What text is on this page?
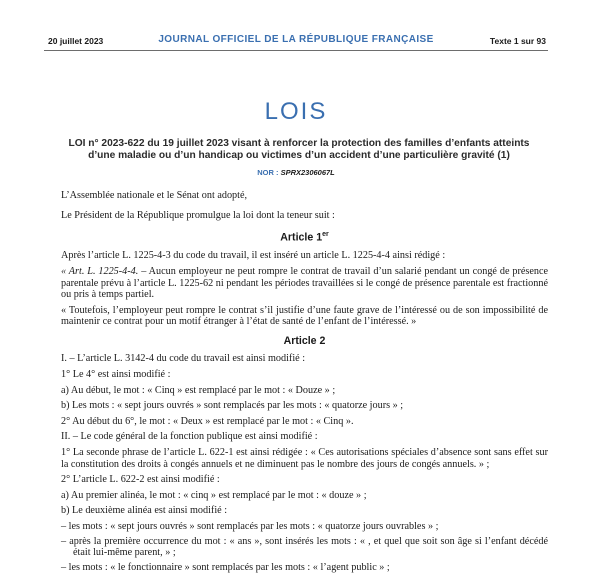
20 juillet 2023	JOURNAL OFFICIEL DE LA RÉPUBLIQUE FRANÇAISE	Texte 1 sur 93
LOIS
LOI n° 2023-622 du 19 juillet 2023 visant à renforcer la protection des familles d’enfants atteints
d’une maladie ou d’un handicap ou victimes d’un accident d’une particulière gravité (1)
NOR : SPRX2306067L

L’Assemblée nationale et le Sénat ont adopté,

Le Président de la République promulgue la loi dont la teneur suit :

Article 1er

Après l’article L. 1225-4-3 du code du travail, il est inséré un article L. 1225-4-4 ainsi rédigé :

« Art. L. 1225-4-4. – Aucun employeur ne peut rompre le contrat de travail d’un salarié pendant un congé de présence parentale prévu à l’article L. 1225-62 ni pendant les périodes travaillées si le congé de présence parentale est fractionné ou pris à temps partiel.

« Toutefois, l’employeur peut rompre le contrat s’il justifie d’une faute grave de l’intéressé ou de son impossibilité de maintenir ce contrat pour un motif étranger à l’état de santé de l’enfant de l’intéressé. »

Article 2

I. – L’article L. 3142-4 du code du travail est ainsi modifié :

1° Le 4° est ainsi modifié :

a) Au début, le mot : « Cinq » est remplacé par le mot : « Douze » ;

b) Les mots : « sept jours ouvrés » sont remplacés par les mots : « quatorze jours » ;

2° Au début du 6°, le mot : « Deux » est remplacé par le mot : « Cinq ».

II. – Le code général de la fonction publique est ainsi modifié :

1° La seconde phrase de l’article L. 622-1 est ainsi rédigée : « Ces autorisations spéciales d’absence sont sans effet sur la constitution des droits à congés annuels et ne diminuent pas le nombre des jours de congés annuels. » ;

2° L’article L. 622-2 est ainsi modifié :

a) Au premier alinéa, le mot : « cinq » est remplacé par le mot : « douze » ;

b) Le deuxième alinéa est ainsi modifié :

– les mots : « sept jours ouvrés » sont remplacés par les mots : « quatorze jours ouvrables » ;

– après la première occurrence du mot : « ans », sont insérés les mots : « , et quel que soit son âge si l’enfant décédé était lui-même parent, » ;

– les mots : « le fonctionnaire » sont remplacés par les mots : « l’agent public » ;
